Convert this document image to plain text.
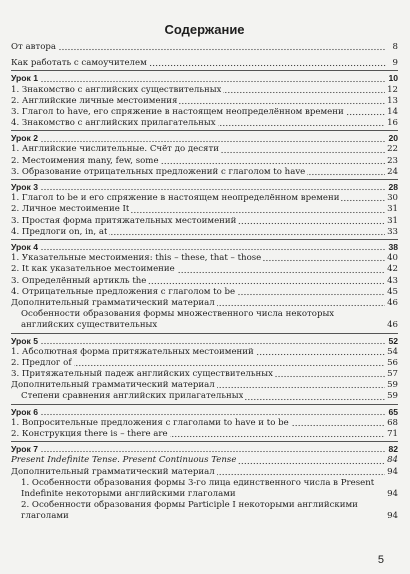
Содержание
От автора	8
Как работать с самоучителем	9
Урок 1	10
1. Знакомство с английских существительных	12
2. Английские личные местоимения	13
3. Глагол to have, его спряжение в настоящем неопределённом времени	14
4. Знакомство с английских прилагательных	16
Урок 2	20
1. Английские числительные. Счёт до десяти	22
2. Местоимения many, few, some	23
3. Образование отрицательных предложений с глаголом to have	24
Урок 3	28
1. Глагол to be и его спряжение в настоящем неопределённом времени	30
2. Личное местоимение It	31
3. Простая форма притяжательных местоимений	31
4. Предлоги on, in, at	33
Урок 4	38
1. Указательные местоимения: this – these, that – those	40
2. It как указательное местоимение	42
3. Определённый артикль the	43
4. Отрицательные предложения с глаголом to be	45
Дополнительный грамматический материал	46
Особенности образования формы множественного числа некоторых английских существительных	46
Урок 5	52
1. Абсолютная форма притяжательных местоимений	54
2. Предлог of	56
3. Притяжательный падеж английских существительных	57
Дополнительный грамматический материал	59
Степени сравнения английских прилагательных	59
Урок 6	65
1. Вопросительные предложения с глаголами to have и to be	68
2. Конструкция there is – there are	71
Урок 7	82
Present Indefinite Tense. Present Continuous Tense	84
Дополнительный грамматический материал	94
1. Особенности образования формы 3-го лица единственного числа в Present Indefinite некоторыми английскими глаголами	94
2. Особенности образования формы Participle I некоторыми английскими глаголами	94
5
